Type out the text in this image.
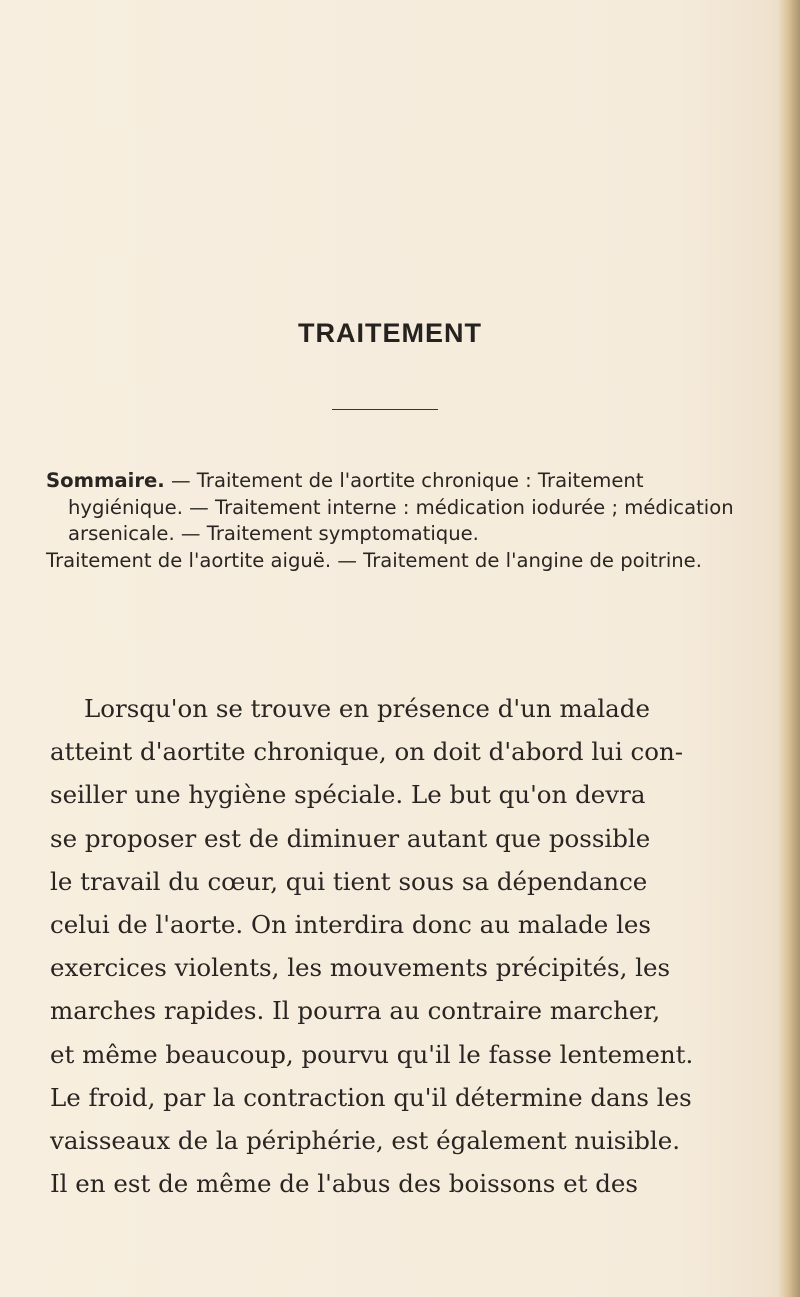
TRAITEMENT

Sommaire. — Traitement de l'aortite chronique : Traitement hygiénique. — Traitement interne : médication iodurée ; médication arsenicale. — Traitement symptomatique.

Traitement de l'aortite aiguë. — Traitement de l'angine de poitrine.

Lorsqu'on se trouve en présence d'un malade
atteint d'aortite chronique, on doit d'abord lui con-
seiller une hygiène spéciale. Le but qu'on devra
se proposer est de diminuer autant que possible
le travail du cœur, qui tient sous sa dépendance
celui de l'aorte. On interdira donc au malade les
exercices violents, les mouvements précipités, les
marches rapides. Il pourra au contraire marcher,
et même beaucoup, pourvu qu'il le fasse lentement.
Le froid, par la contraction qu'il détermine dans les
vaisseaux de la périphérie, est également nuisible.
Il en est de même de l'abus des boissons et des
